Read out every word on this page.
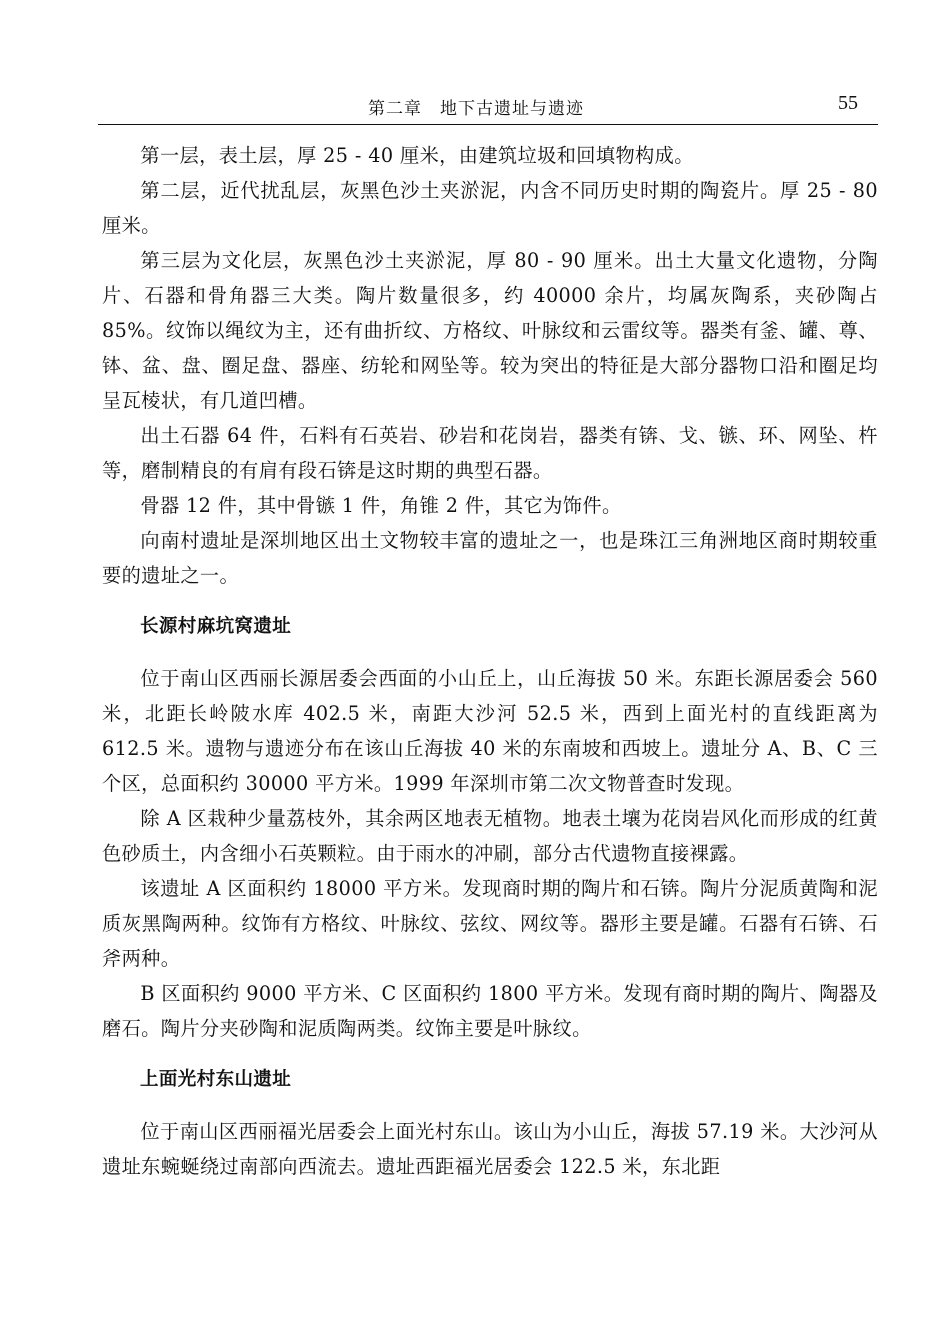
第二章　地下古遗址与遗迹	55

第一层，表土层，厚 25 - 40 厘米，由建筑垃圾和回填物构成。

第二层，近代扰乱层，灰黑色沙土夹淤泥，内含不同历史时期的陶瓷片。厚 25 - 80 厘米。

第三层为文化层，灰黑色沙土夹淤泥，厚 80 - 90 厘米。出土大量文化遗物，分陶片、石器和骨角器三大类。陶片数量很多，约 40000 余片，均属灰陶系，夹砂陶占 85%。纹饰以绳纹为主，还有曲折纹、方格纹、叶脉纹和云雷纹等。器类有釜、罐、尊、钵、盆、盘、圈足盘、器座、纺轮和网坠等。较为突出的特征是大部分器物口沿和圈足均呈瓦棱状，有几道凹槽。

出土石器 64 件，石料有石英岩、砂岩和花岗岩，器类有锛、戈、镞、环、网坠、杵等，磨制精良的有肩有段石锛是这时期的典型石器。

骨器 12 件，其中骨镞 1 件，角锥 2 件，其它为饰件。

向南村遗址是深圳地区出土文物较丰富的遗址之一，也是珠江三角洲地区商时期较重要的遗址之一。

长源村麻坑窝遗址

位于南山区西丽长源居委会西面的小山丘上，山丘海拔 50 米。东距长源居委会 560 米，北距长岭陂水库 402.5 米，南距大沙河 52.5 米，西到上面光村的直线距离为 612.5 米。遗物与遗迹分布在该山丘海拔 40 米的东南坡和西坡上。遗址分 A、B、C 三个区，总面积约 30000 平方米。1999 年深圳市第二次文物普查时发现。

除 A 区栽种少量荔枝外，其余两区地表无植物。地表土壤为花岗岩风化而形成的红黄色砂质土，内含细小石英颗粒。由于雨水的冲刷，部分古代遗物直接裸露。

该遗址 A 区面积约 18000 平方米。发现商时期的陶片和石锛。陶片分泥质黄陶和泥质灰黑陶两种。纹饰有方格纹、叶脉纹、弦纹、网纹等。器形主要是罐。石器有石锛、石斧两种。

B 区面积约 9000 平方米、C 区面积约 1800 平方米。发现有商时期的陶片、陶器及磨石。陶片分夹砂陶和泥质陶两类。纹饰主要是叶脉纹。

上面光村东山遗址

位于南山区西丽福光居委会上面光村东山。该山为小山丘，海拔 57.19 米。大沙河从遗址东蜿蜒绕过南部向西流去。遗址西距福光居委会 122.5 米，东北距
